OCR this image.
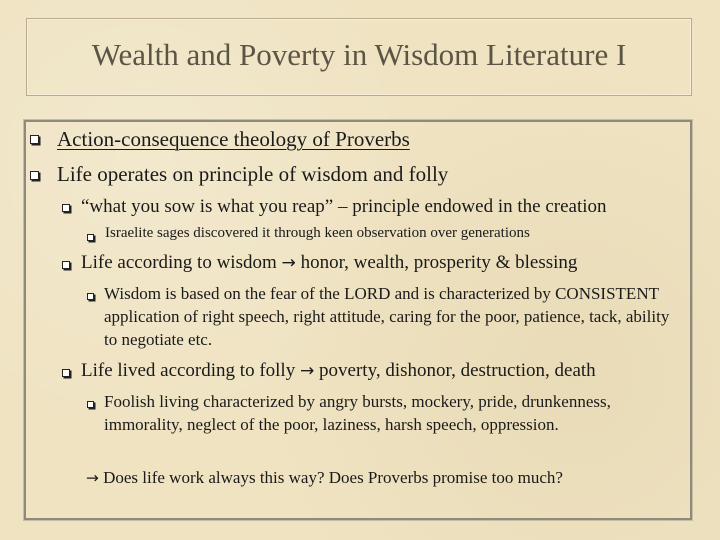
Wealth and Poverty in Wisdom Literature I
Action-consequence theology of Proverbs
Life operates on principle of wisdom and folly
“what you sow is what you reap” – principle endowed in the creation
Israelite sages discovered it through keen observation over generations
Life according to wisdom → honor, wealth, prosperity & blessing
Wisdom is based on the fear of the LORD and is characterized by CONSISTENT application of right speech, right attitude, caring for the poor, patience, tack, ability to negotiate etc.
Life lived according to folly → poverty, dishonor, destruction, death
Foolish living characterized by angry bursts, mockery, pride, drunkenness, immorality, neglect of the poor, laziness, harsh speech, oppression.
→ Does life work always this way? Does Proverbs promise too much?
